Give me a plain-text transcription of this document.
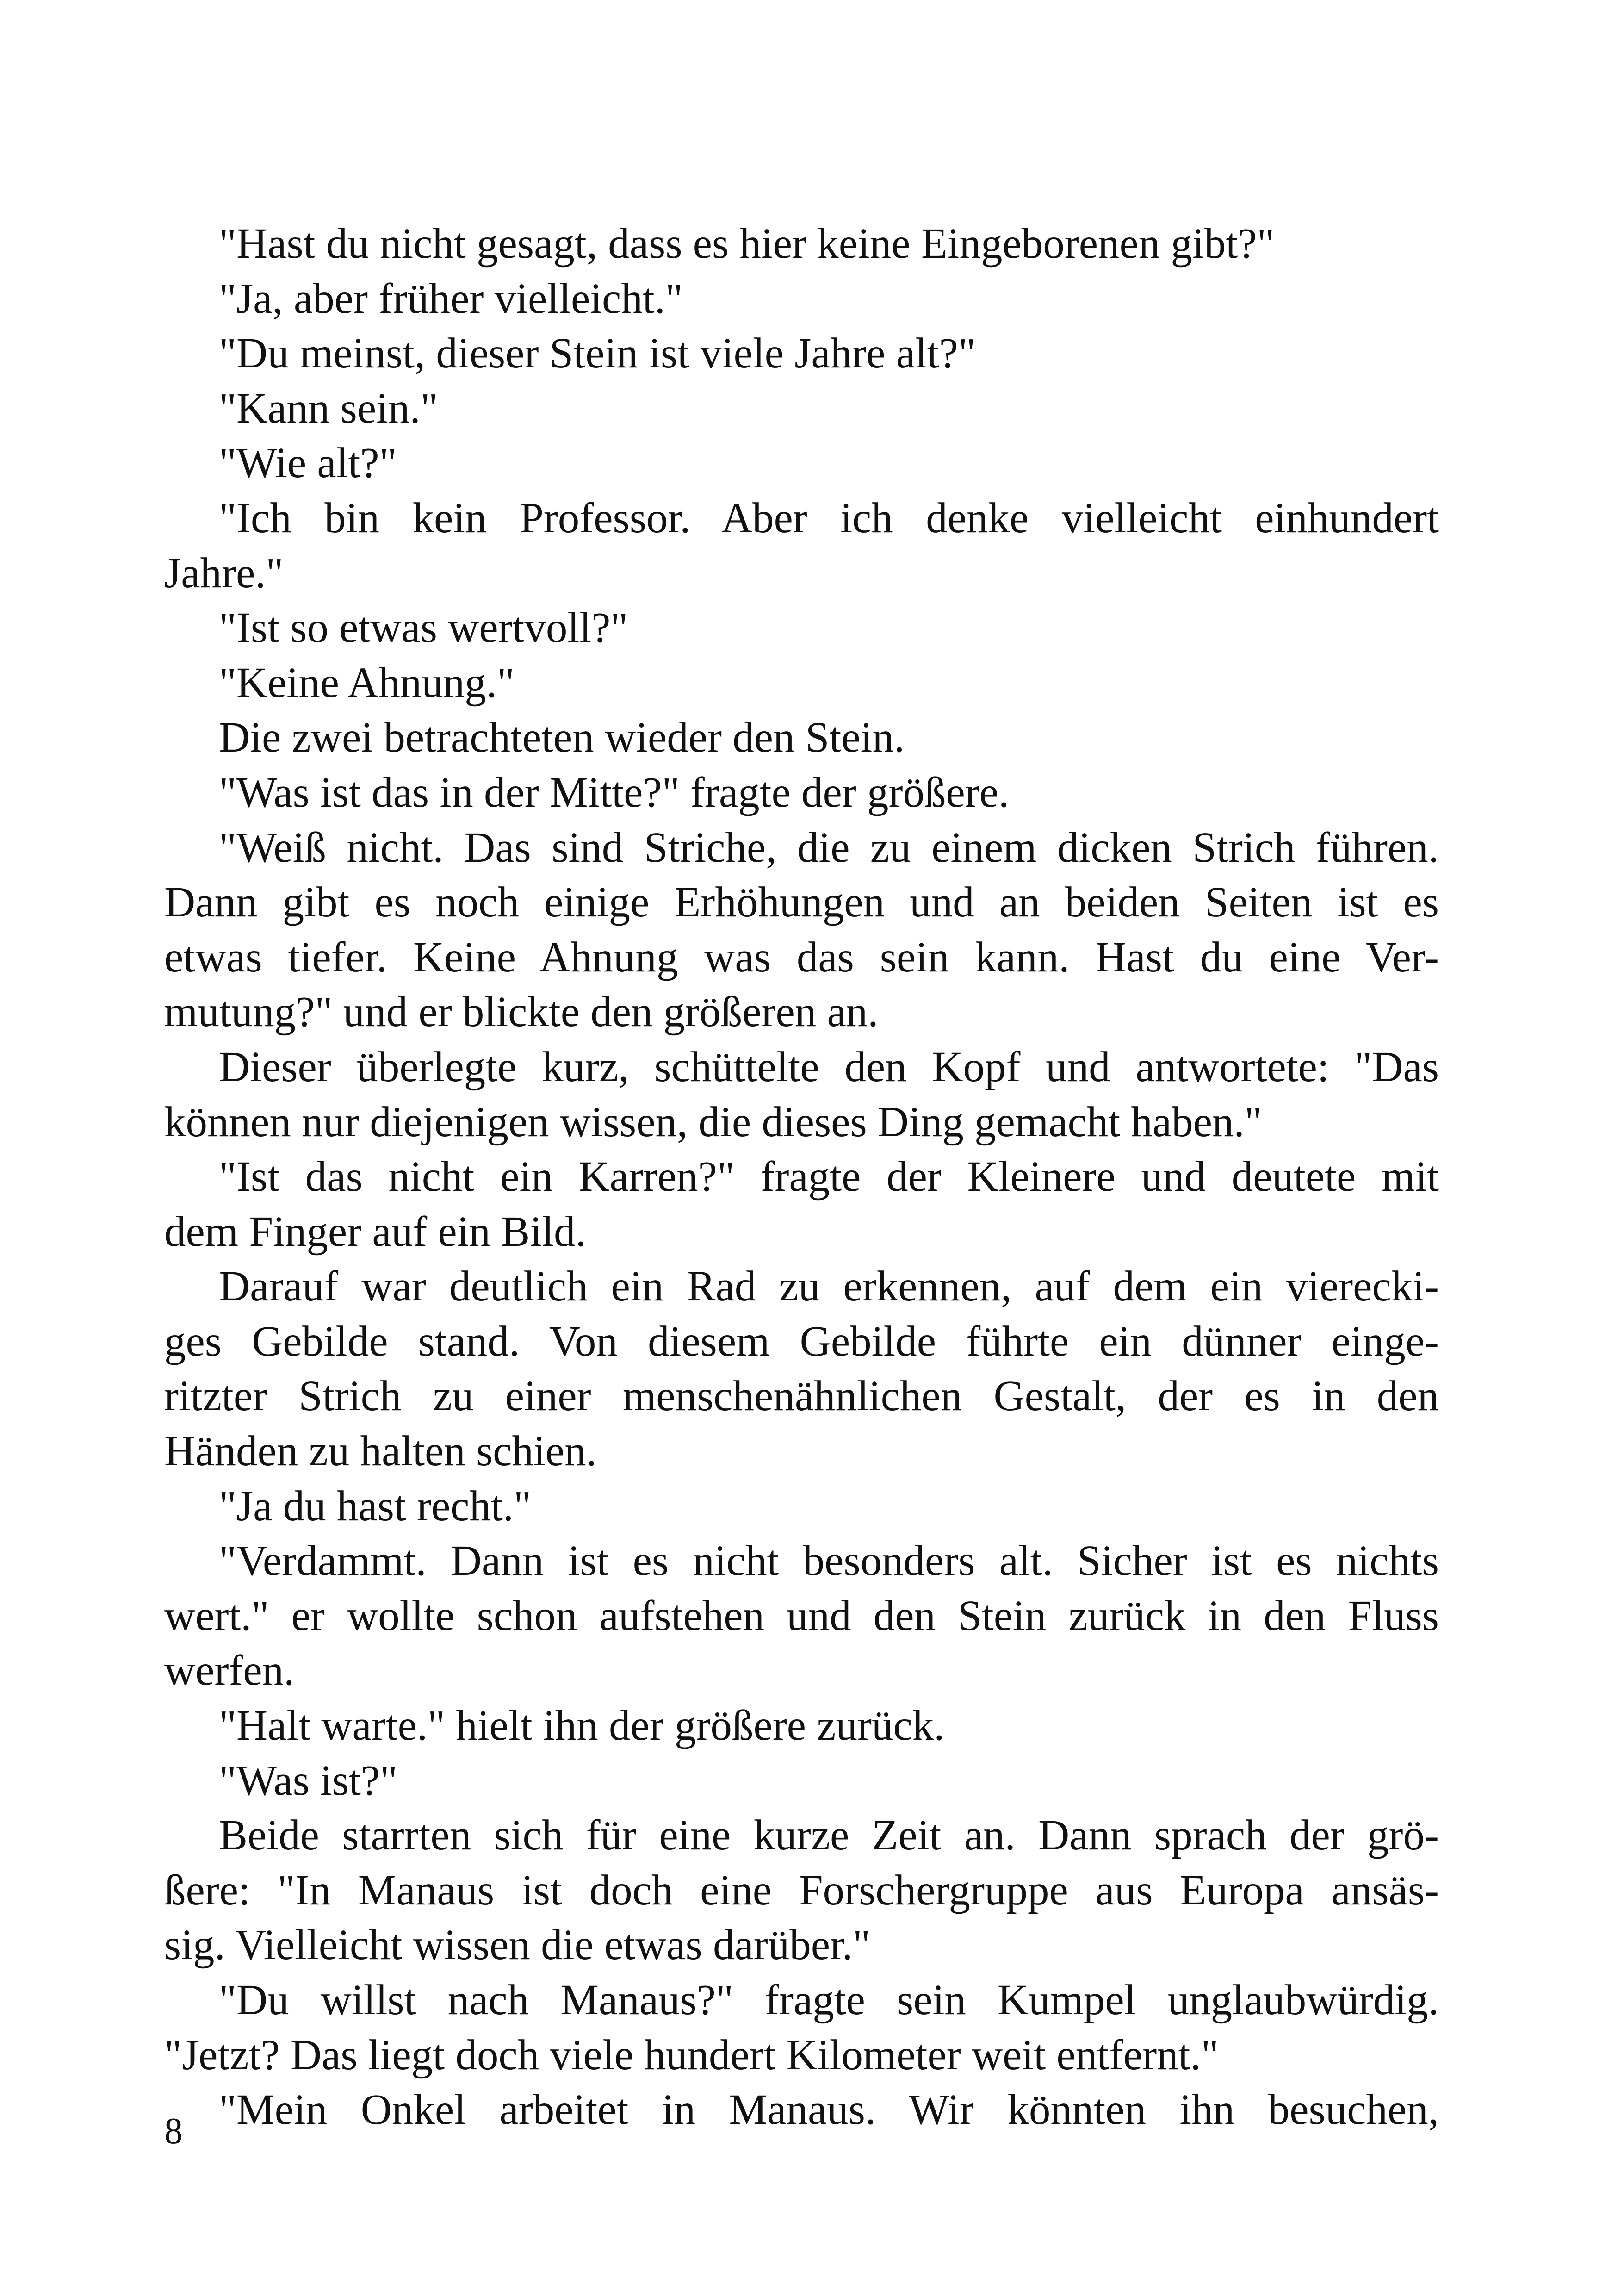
"Hast du nicht gesagt, dass es hier keine Eingeborenen gibt?"
"Ja, aber früher vielleicht."
"Du meinst, dieser Stein ist viele Jahre alt?"
"Kann sein."
"Wie alt?"
"Ich bin kein Professor. Aber ich denke vielleicht einhundert
Jahre."
"Ist so etwas wertvoll?"
"Keine Ahnung."
Die zwei betrachteten wieder den Stein.
"Was ist das in der Mitte?" fragte der größere.
"Weiß nicht. Das sind Striche, die zu einem dicken Strich führen.
Dann gibt es noch einige Erhöhungen und an beiden Seiten ist es
etwas tiefer. Keine Ahnung was das sein kann. Hast du eine Ver-
mutung?" und er blickte den größeren an.
Dieser überlegte kurz, schüttelte den Kopf und antwortete: "Das
können nur diejenigen wissen, die dieses Ding gemacht haben."
"Ist das nicht ein Karren?" fragte der Kleinere und deutete mit
dem Finger auf ein Bild.
Darauf war deutlich ein Rad zu erkennen, auf dem ein vierecki-
ges Gebilde stand. Von diesem Gebilde führte ein dünner einge-
ritzter Strich zu einer menschenähnlichen Gestalt, der es in den
Händen zu halten schien.
"Ja du hast recht."
"Verdammt. Dann ist es nicht besonders alt. Sicher ist es nichts
wert." er wollte schon aufstehen und den Stein zurück in den Fluss
werfen.
"Halt warte." hielt ihn der größere zurück.
"Was ist?"
Beide starrten sich für eine kurze Zeit an. Dann sprach der grö-
ßere: "In Manaus ist doch eine Forschergruppe aus Europa ansäs-
sig. Vielleicht wissen die etwas darüber."
"Du willst nach Manaus?" fragte sein Kumpel unglaubwürdig.
"Jetzt? Das liegt doch viele hundert Kilometer weit entfernt."
"Mein Onkel arbeitet in Manaus. Wir könnten ihn besuchen,
8
